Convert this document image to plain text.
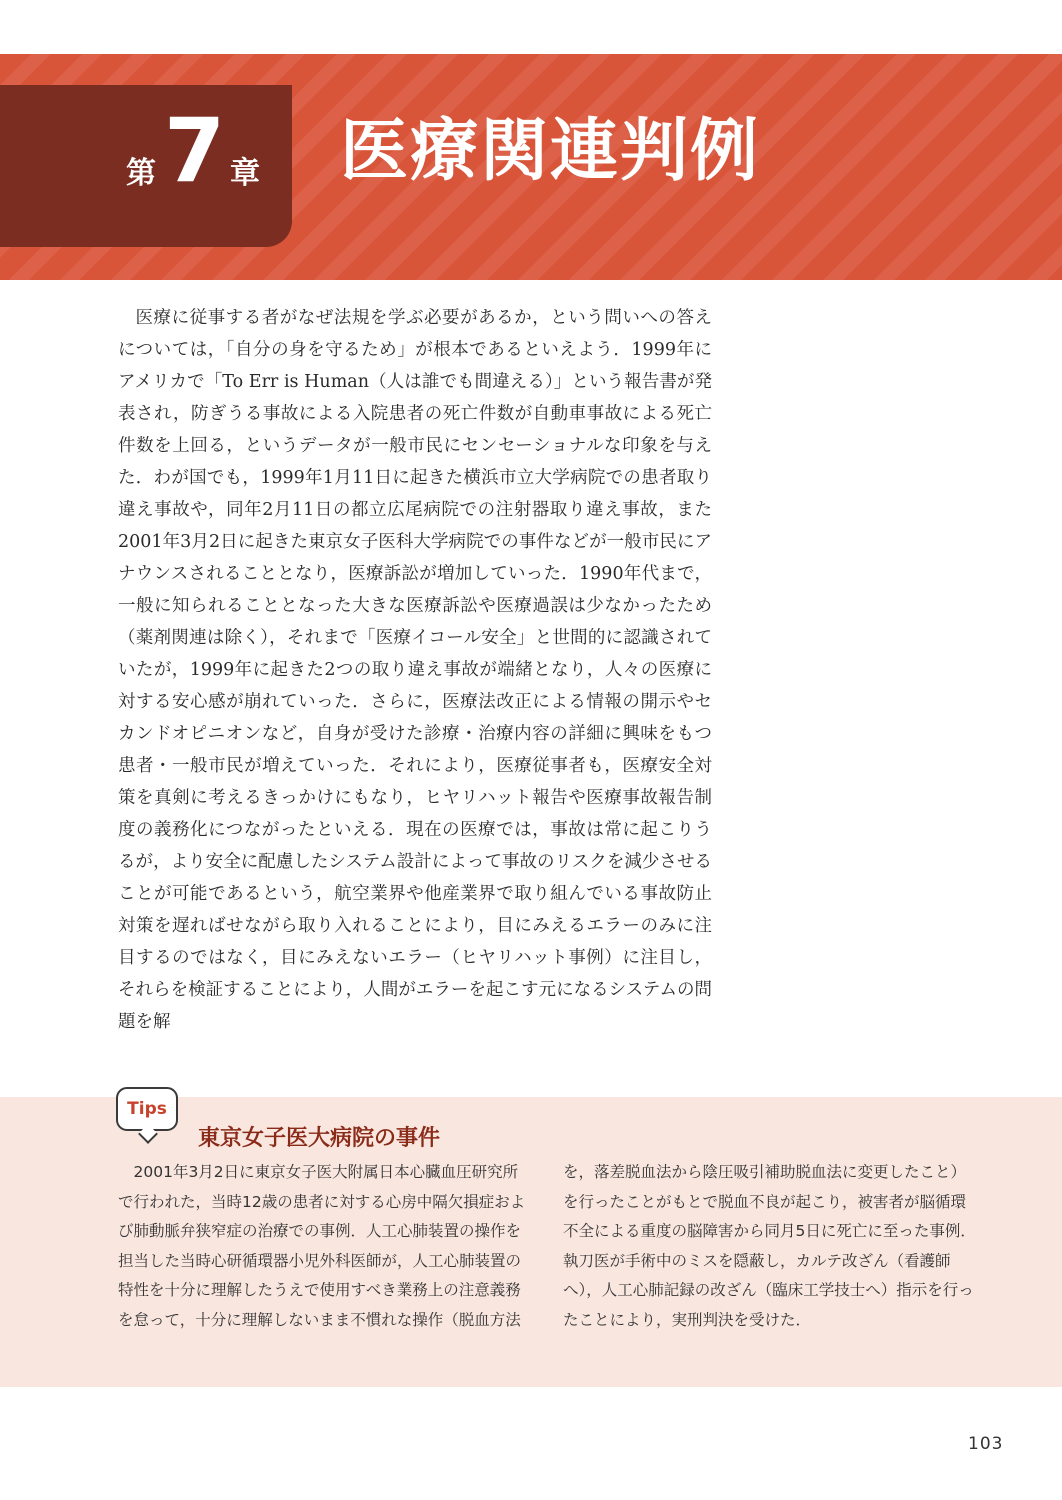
第 7 章 医療関連判例

医療に従事する者がなぜ法規を学ぶ必要があるか，という問いへの答えについては，「自分の身を守るため」が根本であるといえよう．1999年にアメリカで「To Err is Human（人は誰でも間違える）」という報告書が発表され，防ぎうる事故による入院患者の死亡件数が自動車事故による死亡件数を上回る，というデータが一般市民にセンセーショナルな印象を与えた．わが国でも，1999年1月11日に起きた横浜市立大学病院での患者取り違え事故や，同年2月11日の都立広尾病院での注射器取り違え事故，また2001年3月2日に起きた東京女子医科大学病院での事件などが一般市民にアナウンスされることとなり，医療訴訟が増加していった．1990年代まで，一般に知られることとなった大きな医療訴訟や医療過誤は少なかったため（薬剤関連は除く），それまで「医療イコール安全」と世間的に認識されていたが，1999年に起きた2つの取り違え事故が端緒となり，人々の医療に対する安心感が崩れていった．さらに，医療法改正による情報の開示やセカンドオピニオンなど，自身が受けた診療・治療内容の詳細に興味をもつ患者・一般市民が増えていった．それにより，医療従事者も，医療安全対策を真剣に考えるきっかけにもなり，ヒヤリハット報告や医療事故報告制度の義務化につながったといえる．現在の医療では，事故は常に起こりうるが，より安全に配慮したシステム設計によって事故のリスクを減少させることが可能であるという，航空業界や他産業界で取り組んでいる事故防止対策を遅ればせながら取り入れることにより，目にみえるエラーのみに注目するのではなく，目にみえないエラー（ヒヤリハット事例）に注目し，それらを検証することにより，人間がエラーを起こす元になるシステムの問題を解

Tips
東京女子医大病院の事件

2001年3月2日に東京女子医大附属日本心臓血圧研究所で行われた，当時12歳の患者に対する心房中隔欠損症および肺動脈弁狭窄症の治療での事例．人工心肺装置の操作を担当した当時心研循環器小児外科医師が，人工心肺装置の特性を十分に理解したうえで使用すべき業務上の注意義務を怠って，十分に理解しないまま不慣れな操作（脱血方法を，落差脱血法から陰圧吸引補助脱血法に変更したこと）を行ったことがもとで脱血不良が起こり，被害者が脳循環不全による重度の脳障害から同月5日に死亡に至った事例．執刀医が手術中のミスを隠蔽し，カルテ改ざん（看護師へ），人工心肺記録の改ざん（臨床工学技士へ）指示を行ったことにより，実刑判決を受けた．

103
